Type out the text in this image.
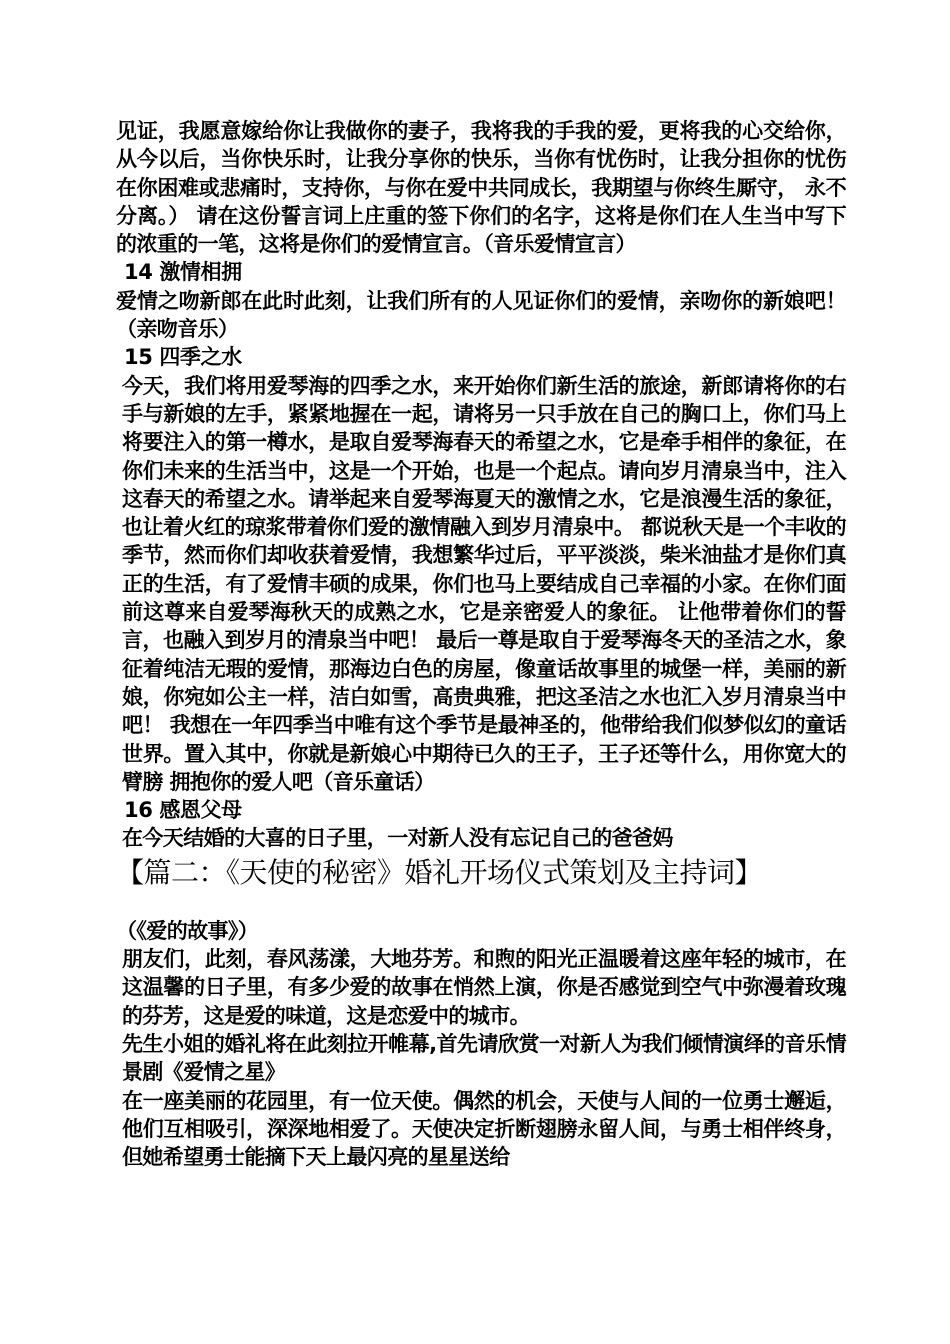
见证，我愿意嫁给你让我做你的妻子，我将我的手我的爱，更将我的心交给你，从今以后，当你快乐时，让我分享你的快乐，当你有忧伤时，让我分担你的忧伤 在你困难或悲痛时，支持你，与你在爱中共同成长，我期望与你终生厮守， 永不分离。） 请在这份誓言词上庄重的签下你们的名字，这将是你们在人生当中写下的浓重的一笔，这将是你们的爱情宣言。（音乐爱情宣言）

14 激情相拥

爱情之吻新郎在此时此刻，让我们所有的人见证你们的爱情，亲吻你的新娘吧！（亲吻音乐）

15 四季之水

今天，我们将用爱琴海的四季之水，来开始你们新生活的旅途，新郎请将你的右手与新娘的左手，紧紧地握在一起，请将另一只手放在自己的胸口上，你们马上将要注入的第一樽水，是取自爱琴海春天的希望之水，它是牵手相伴的象征，在你们未来的生活当中，这是一个开始，也是一个起点。请向岁月清泉当中，注入这春天的希望之水。请举起来自爱琴海夏天的激情之水，它是浪漫生活的象征，也让着火红的琼浆带着你们爱的激情融入到岁月清泉中。 都说秋天是一个丰收的季节，然而你们却收获着爱情，我想繁华过后，平平淡淡，柴米油盐才是你们真正的生活，有了爱情丰硕的成果，你们也马上要结成自己幸福的小家。在你们面前这尊来自爱琴海秋天的成熟之水，它是亲密爱人的象征。 让他带着你们的誓言，也融入到岁月的清泉当中吧！ 最后一尊是取自于爱琴海冬天的圣洁之水，象征着纯洁无瑕的爱情，那海边白色的房屋，像童话故事里的城堡一样，美丽的新娘，你宛如公主一样，洁白如雪，高贵典雅，把这圣洁之水也汇入岁月清泉当中吧！ 我想在一年四季当中唯有这个季节是最神圣的，他带给我们似梦似幻的童话世界。置入其中，你就是新娘心中期待已久的王子，王子还等什么，用你宽大的臂膀 拥抱你的爱人吧（音乐童话）

16 感恩父母

在今天结婚的大喜的日子里，一对新人没有忘记自己的爸爸妈

【篇二：《天使的秘密》婚礼开场仪式策划及主持词】

（《爱的故事》）

朋友们，此刻，春风荡漾，大地芬芳。和煦的阳光正温暖着这座年轻的城市，在这温馨的日子里，有多少爱的故事在悄然上演，你是否感觉到空气中弥漫着玫瑰的芬芳，这是爱的味道，这是恋爱中的城市。

先生小姐的婚礼将在此刻拉开帷幕,首先请欣赏一对新人为我们倾情演绎的音乐情景剧《爱情之星》

在一座美丽的花园里，有一位天使。偶然的机会，天使与人间的一位勇士邂逅，他们互相吸引，深深地相爱了。天使决定折断翅膀永留人间，与勇士相伴终身，但她希望勇士能摘下天上最闪亮的星星送给
